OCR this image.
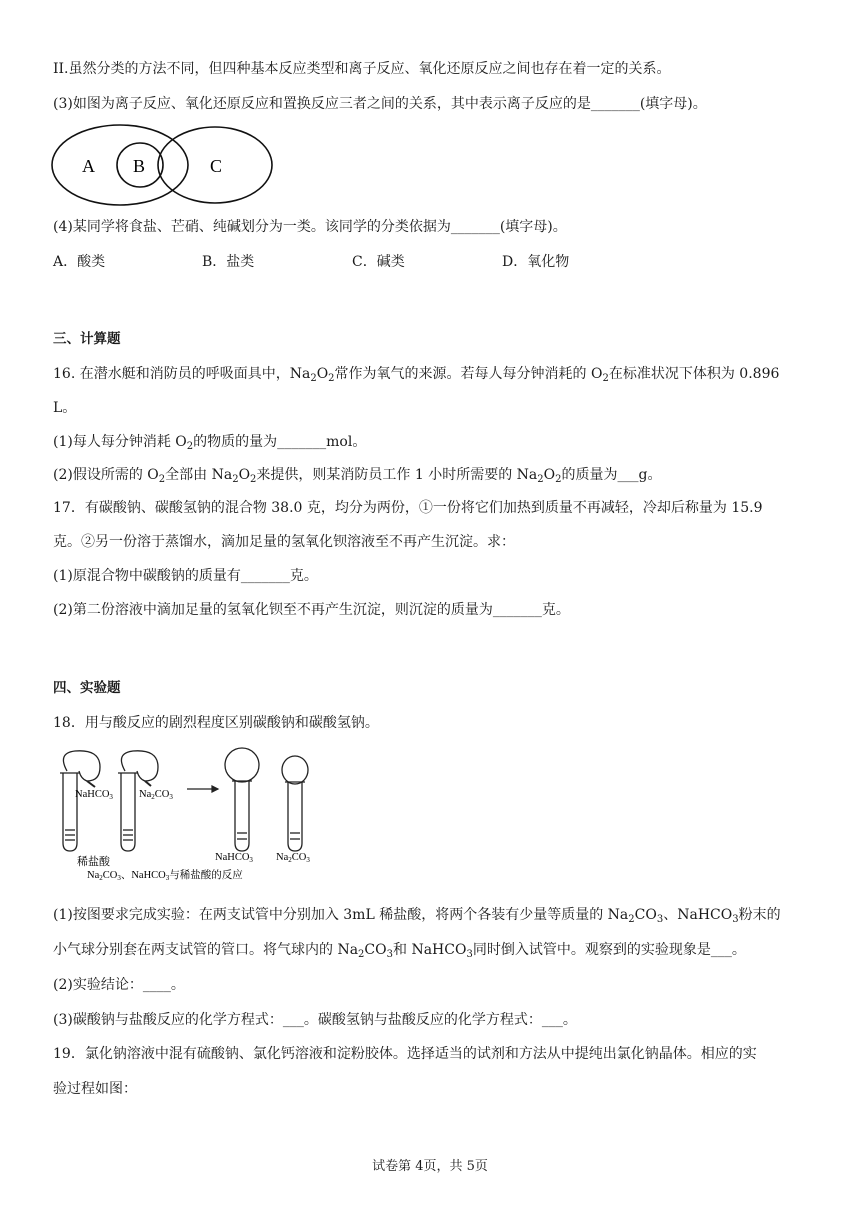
II.虽然分类的方法不同，但四种基本反应类型和离子反应、氧化还原反应之间也存在着一定的关系。
(3)如图为离子反应、氧化还原反应和置换反应三者之间的关系，其中表示离子反应的是_______(填字母)。
A B	C
(4)某同学将食盐、芒硝、纯碱划分为一类。该同学的分类依据为_______(填字母)。
A．酸类	B．盐类	C．碱类	D．氧化物
三、计算题
16. 在潜水艇和消防员的呼吸面具中，$Na_2O_2$常作为氧气的来源。若每人每分钟消耗的 $O_2$在标准状况下体积为 0.896
L。
(1)每人每分钟消耗 $O_2$的物质的量为_______mol。
(2)假设所需的 $O_2$全部由 $Na_2O_2$来提供，则某消防员工作 1 小时所需要的 $Na_2O_2$的质量为___g。
17．有碳酸钠、碳酸氢钠的混合物 38.0 克，均分为两份，①一份将它们加热到质量不再减轻，冷却后称量为 15.9
克。②另一份溶于蒸馏水，滴加足量的氢氧化钡溶液至不再产生沉淀。求：
(1)原混合物中碳酸钠的质量有_______克。
(2)第二份溶液中滴加足量的氢氧化钡至不再产生沉淀，则沉淀的质量为_______克。
四、实验题
18．用与酸反应的剧烈程度区别碳酸钠和碳酸氢钠。
NaHCO3 Na2CO3
稀盐酸	NaHCO3 Na2CO3
Na2CO3、NaHCO3与稀盐酸的反应
(1)按图要求完成实验：在两支试管中分别加入 3mL 稀盐酸，将两个各装有少量等质量的 $Na_2CO_3$、NaHCO$_3$粉末的
小气球分别套在两支试管的管口。将气球内的 $Na_2CO_3$和 NaHCO$_3$同时倒入试管中。观察到的实验现象是___。
(2)实验结论：____。
(3)碳酸钠与盐酸反应的化学方程式：___。碳酸氢钠与盐酸反应的化学方程式：___。
19．氯化钠溶液中混有硫酸钠、氯化钙溶液和淀粉胶体。选择适当的试剂和方法从中提纯出氯化钠晶体。相应的实
验过程如图：
试卷第 4页，共 5页
